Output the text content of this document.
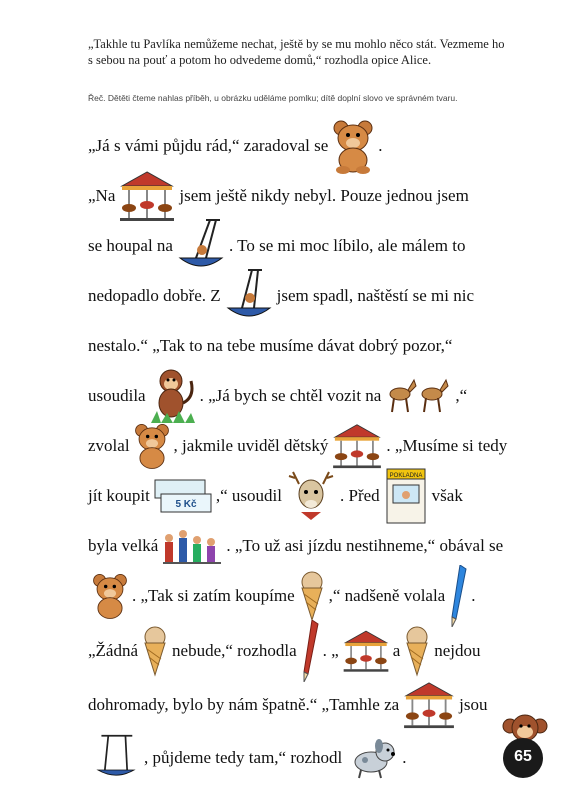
„Takhle tu Pavlíka nemůžeme nechat, ještě by se mu mohlo něco stát. Vezmeme ho s sebou na pouť a potom ho odvedeme domů,“ rozhodla opice Alice.
Řeč. Dětěti čteme nahlas příběh, u obrázku uděláme pomlku; dítě doplní slovo ve správném tvaru.
„Já s vámi půjdu rád,“ zaradoval se	.
„Na	jsem ještě nikdy nebyl. Pouze jednou jsem
se houpal na	. To se mi moc líbilo, ale málem to
nedopadlo dobře. Z	jsem spadl, naštěstí se mi nic
nestalo.“ „Tak to na tebe musíme dávat dobrý pozor,“
usoudila	. „Já bych se chtěl vozit na	,“
zvolal	, jakmile uviděl dětský	. „Musíme si tedy
jít koupit	5 Kč ,“ usoudil	. Před
POKLADNA
však
byla velká	. „To už asi jízdu nestihneme,“ obával se
. „Tak si zatím koupíme ,“ nadšeně volala .
„Žádná nebude,“ rozhodla . „	a nejdou
dohromady, bylo by nám špatně.“ „Tamhle za	jsou
, půjdeme tedy tam,“ rozhodl	.	65
